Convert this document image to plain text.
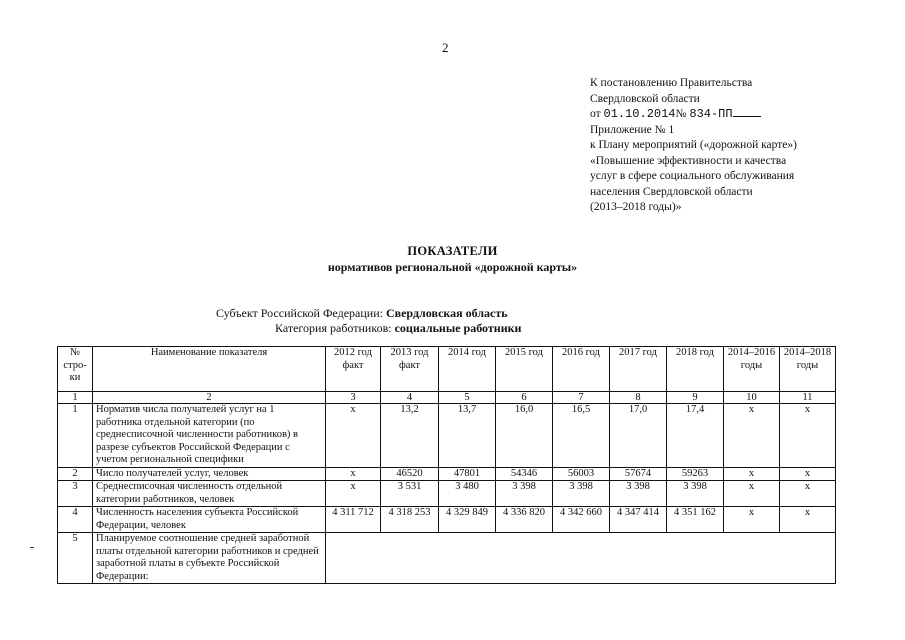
2
К постановлению Правительства
Свердловской области
от 01.10.2014№ 834-ПП
Приложение № 1
к Плану мероприятий («дорожной карте»)
«Повышение эффективности и качества
услуг в сфере социального обслуживания
населения Свердловской области
(2013–2018 годы)»
ПОКАЗАТЕЛИ
нормативов региональной «дорожной карты»
Субъект Российской Федерации: Свердловская область
Категория работников: социальные работники
№ стро-ки	Наименование показателя	2012 год факт	2013 год факт	2014 год	2015 год	2016 год	2017 год	2018 год	2014–2016 годы	2014–2018 годы
1	2	3	4	5	6	7	8	9	10	11
1	Норматив числа получателей услуг на 1 работника отдельной категории (по среднесписочной численности работников) в разрезе субъектов Российской Федерации с учетом региональной специфики	х	13,2	13,7	16,0	16,5	17,0	17,4	х	х
2	Число получателей услуг, человек	х	46520	47801	54346	56003	57674	59263	х	х
3	Среднесписочная численность отдельной категории работников, человек	х	3 531	3 480	3 398	3 398	3 398	3 398	х	х
4	Численность населения субъекта Российской Федерации, человек	4 311 712	4 318 253	4 329 849	4 336 820	4 342 660	4 347 414	4 351 162	х	х
5	Планируемое соотношение средней заработной платы отдельной категории работников и средней заработной платы в субъекте Российской Федерации:									
